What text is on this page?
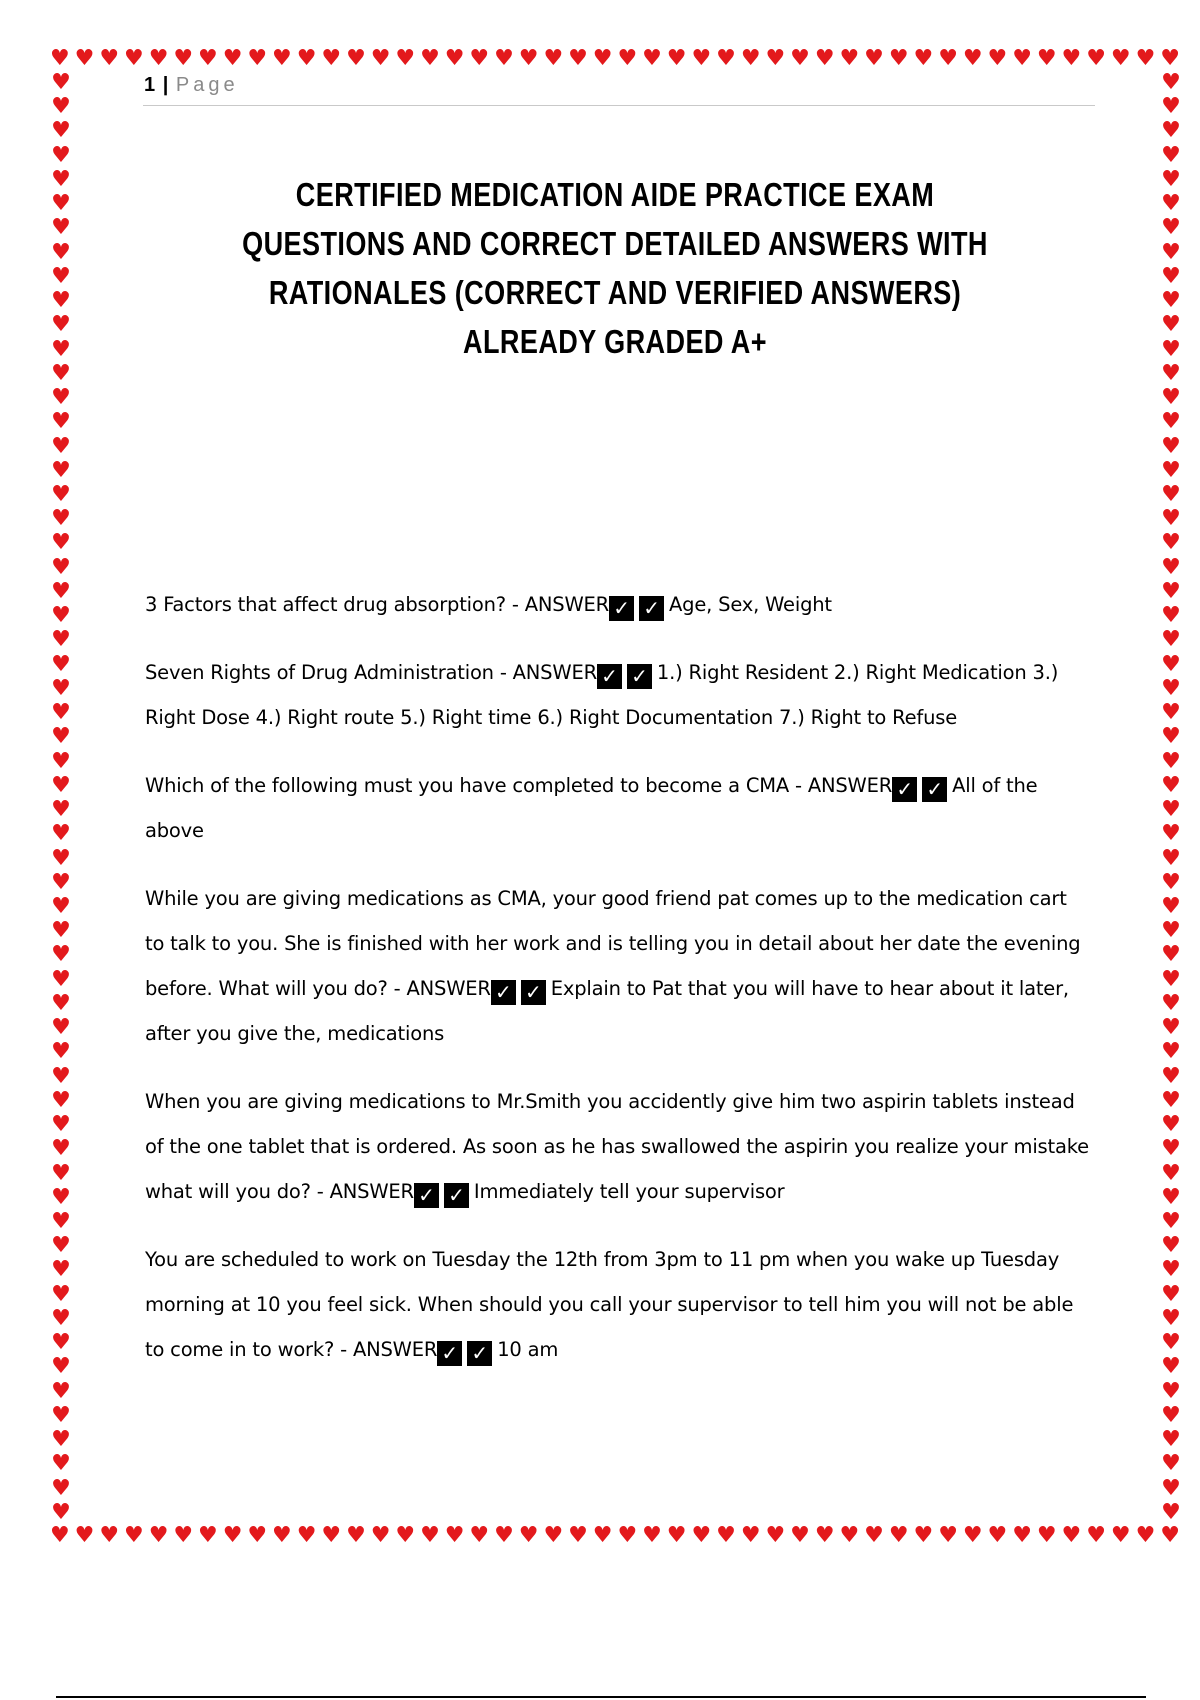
♥ ♥ ♥ ♥ ♥ ♥ ♥ ♥ ♥ ♥ ♥ ♥ ♥ ♥ ♥ ♥ ♥ ♥ ♥ ♥ ♥ ♥ ♥ ♥ ♥ ♥ ♥ ♥ ♥ ♥ ♥ ♥ ♥ ♥ ♥ ♥ ♥ ♥ ♥ ♥ ♥ ♥ ♥ ♥ ♥ ♥
♥ ♥ ♥ ♥ ♥ ♥ ♥ ♥ ♥ ♥ ♥ ♥ ♥ ♥ ♥ ♥ ♥ ♥ ♥ ♥ ♥ ♥ ♥ ♥ ♥ ♥ ♥ ♥ ♥ ♥ ♥ ♥ ♥ ♥ ♥ ♥ ♥ ♥ ♥ ♥ ♥ ♥ ♥ ♥ ♥ ♥
♥
♥
♥
♥
♥
♥
♥
♥
♥
♥
♥
♥
♥
♥
♥
♥
♥
♥
♥
♥
♥
♥
♥
♥
♥
♥
♥
♥
♥
♥
♥
♥
♥
♥
♥
♥
♥
♥
♥
♥
♥
♥
♥
♥
♥
♥
♥
♥
♥
♥
♥
♥
♥
♥
♥
♥
♥
♥
♥
♥
♥
♥
♥
♥
♥
♥
♥
♥
♥
♥
♥
♥
♥
♥
♥
♥
♥
♥
♥
♥
♥
♥
♥
♥
♥
♥
♥
♥
♥
♥
♥
♥
♥
♥
♥
♥
♥
♥
♥
♥
♥
♥
♥
♥
♥
♥
♥
♥
♥
♥
♥
♥
♥
♥
♥
♥
♥
♥
♥
♥
1 | Page
CERTIFIED MEDICATION AIDE PRACTICE EXAM QUESTIONS AND CORRECT DETAILED ANSWERS WITH RATIONALES (CORRECT AND VERIFIED ANSWERS) ALREADY GRADED A+

3 Factors that affect drug absorption? - ANSWER ✓ ✓ Age, Sex, Weight

Seven Rights of Drug Administration - ANSWER ✓ ✓ 1.) Right Resident 2.) Right Medication 3.) Right Dose 4.) Right route 5.) Right time 6.) Right Documentation 7.) Right to Refuse

Which of the following must you have completed to become a CMA - ANSWER ✓ ✓ All of the above

While you are giving medications as CMA, your good friend pat comes up to the medication cart to talk to you. She is finished with her work and is telling you in detail about her date the evening before. What will you do? - ANSWER ✓ ✓ Explain to Pat that you will have to hear about it later, after you give the, medications

When you are giving medications to Mr.Smith you accidently give him two aspirin tablets instead of the one tablet that is ordered. As soon as he has swallowed the aspirin you realize your mistake what will you do? - ANSWER ✓ ✓ Immediately tell your supervisor

You are scheduled to work on Tuesday the 12th from 3pm to 11 pm when you wake up Tuesday morning at 10 you feel sick. When should you call your supervisor to tell him you will not be able to come in to work? - ANSWER ✓ ✓ 10 am
